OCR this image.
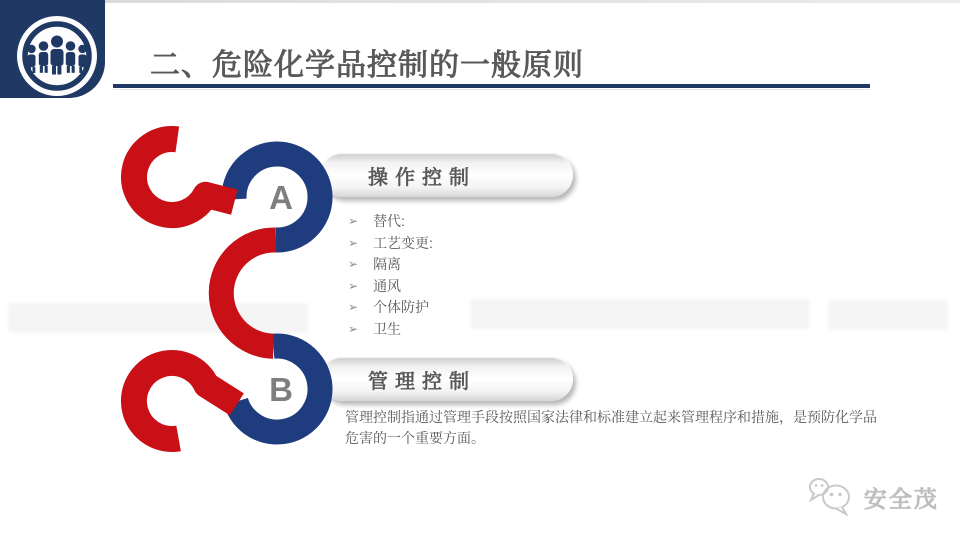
二、危险化学品控制的一般原则
操作控制
管理控制
A
B
➢ 替代:
➢ 工艺变更:
➢ 隔离
➢ 通风
➢ 个体防护
➢ 卫生
管理控制指通过管理手段按照国家法律和标准建立起来管理程序和措施，是预防化学品危害的一个重要方面。
安全茂
